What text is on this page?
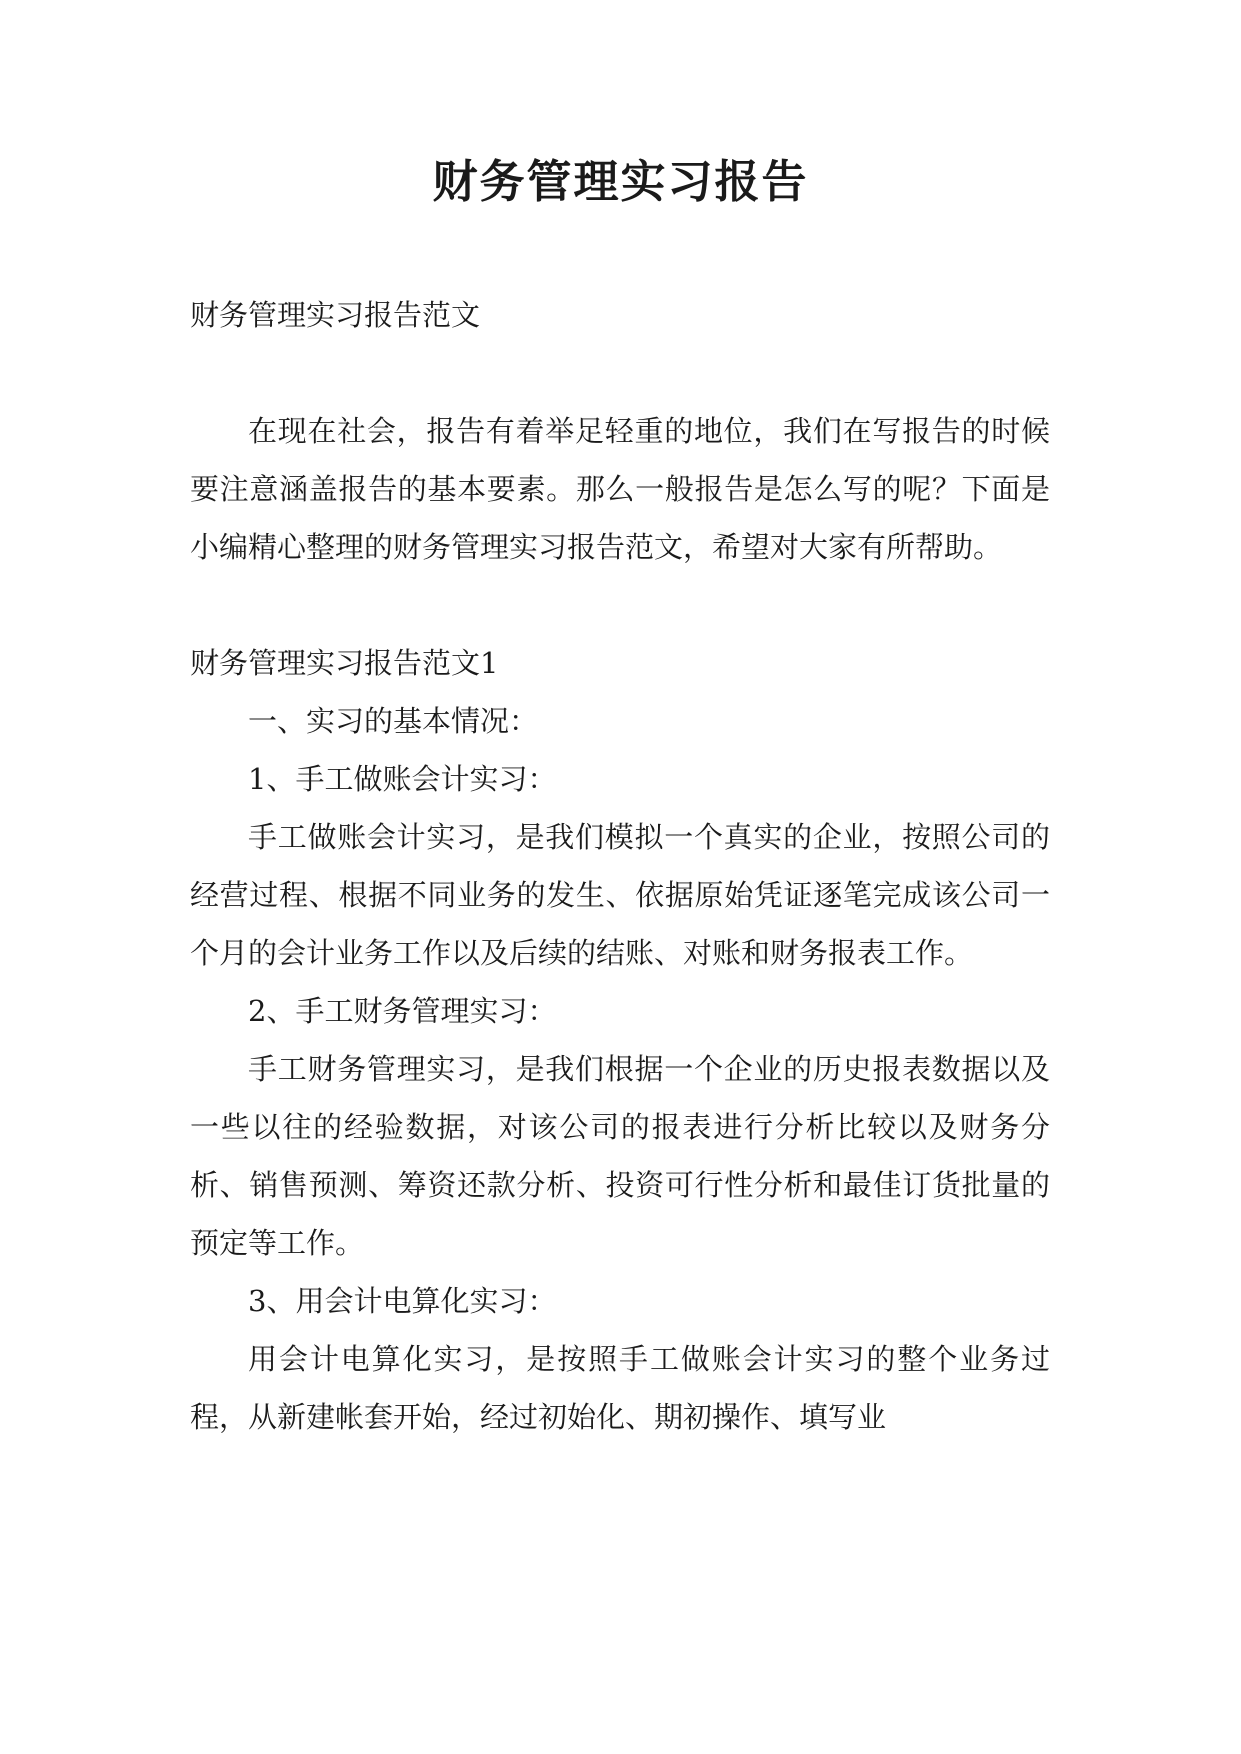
财务管理实习报告

财务管理实习报告范文

在现在社会，报告有着举足轻重的地位，我们在写报告的时候要注意涵盖报告的基本要素。那么一般报告是怎么写的呢？下面是小编精心整理的财务管理实习报告范文，希望对大家有所帮助。

财务管理实习报告范文1

一、实习的基本情况：

1、手工做账会计实习：

手工做账会计实习，是我们模拟一个真实的企业，按照公司的经营过程、根据不同业务的发生、依据原始凭证逐笔完成该公司一个月的会计业务工作以及后续的结账、对账和财务报表工作。

2、手工财务管理实习：

手工财务管理实习，是我们根据一个企业的历史报表数据以及一些以往的经验数据，对该公司的报表进行分析比较以及财务分析、销售预测、筹资还款分析、投资可行性分析和最佳订货批量的预定等工作。

3、用会计电算化实习：

用会计电算化实习，是按照手工做账会计实习的整个业务过程，从新建帐套开始，经过初始化、期初操作、填写业
